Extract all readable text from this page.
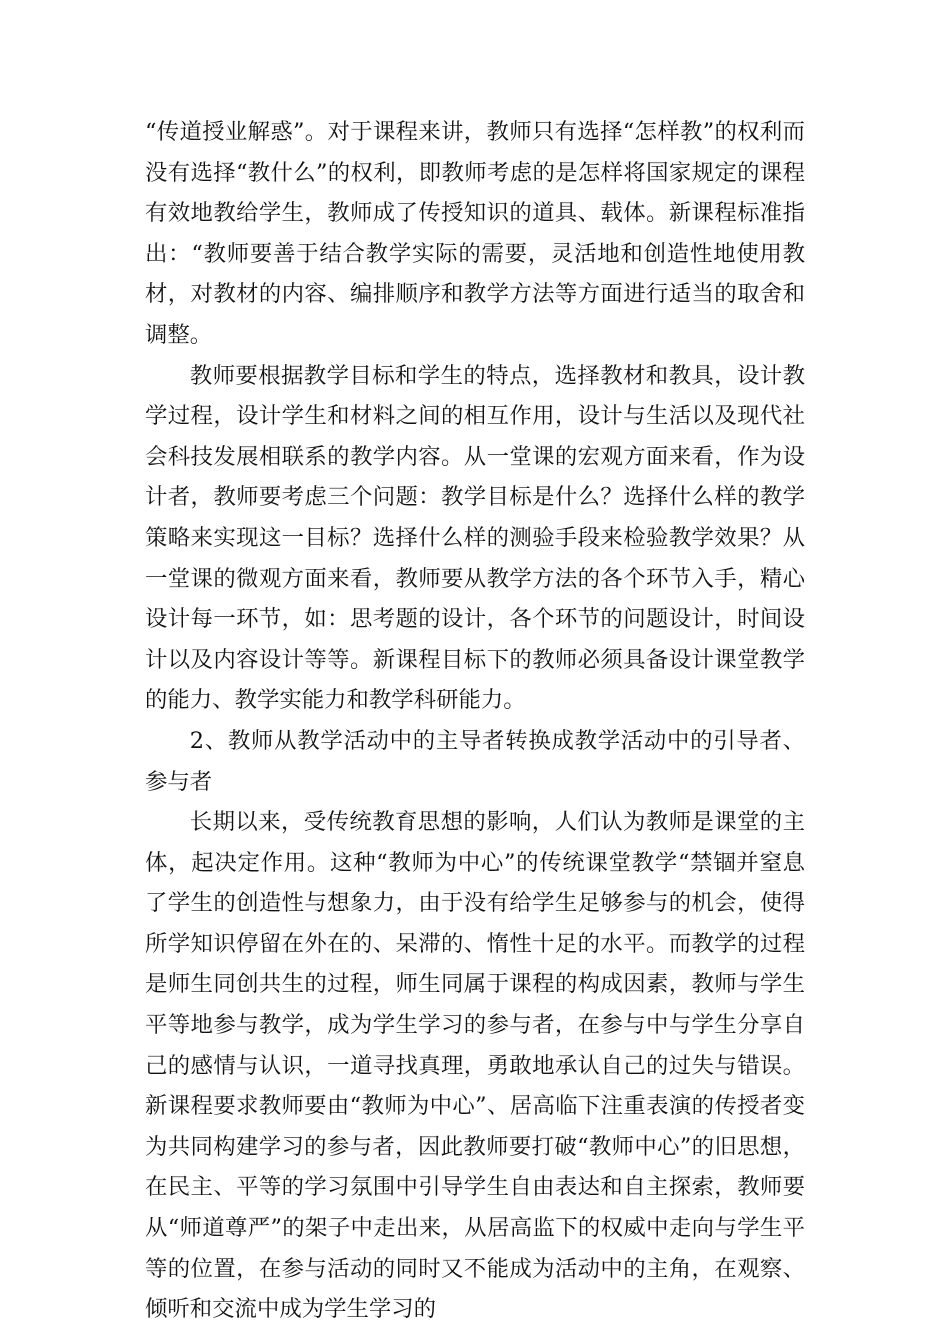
“传道授业解惑”。对于课程来讲，教师只有选择“怎样教”的权利而没有选择“教什么”的权利，即教师考虑的是怎样将国家规定的课程有效地教给学生，教师成了传授知识的道具、载体。新课程标准指出：“教师要善于结合教学实际的需要，灵活地和创造性地使用教材，对教材的内容、编排顺序和教学方法等方面进行适当的取舍和调整。

教师要根据教学目标和学生的特点，选择教材和教具，设计教学过程，设计学生和材料之间的相互作用，设计与生活以及现代社会科技发展相联系的教学内容。从一堂课的宏观方面来看，作为设计者，教师要考虑三个问题：教学目标是什么？选择什么样的教学策略来实现这一目标？选择什么样的测验手段来检验教学效果？从一堂课的微观方面来看，教师要从教学方法的各个环节入手，精心设计每一环节，如：思考题的设计，各个环节的问题设计，时间设计以及内容设计等等。新课程目标下的教师必须具备设计课堂教学的能力、教学实能力和教学科研能力。

2、教师从教学活动中的主导者转换成教学活动中的引导者、参与者

长期以来，受传统教育思想的影响，人们认为教师是课堂的主体，起决定作用。这种“教师为中心”的传统课堂教学“禁锢并窒息了学生的创造性与想象力，由于没有给学生足够参与的机会，使得所学知识停留在外在的、呆滞的、惰性十足的水平。而教学的过程是师生同创共生的过程，师生同属于课程的构成因素，教师与学生平等地参与教学，成为学生学习的参与者，在参与中与学生分享自己的感情与认识，一道寻找真理，勇敢地承认自己的过失与错误。新课程要求教师要由“教师为中心”、居高临下注重表演的传授者变为共同构建学习的参与者，因此教师要打破“教师中心”的旧思想，在民主、平等的学习氛围中引导学生自由表达和自主探索，教师要从“师道尊严”的架子中走出来，从居高监下的权威中走向与学生平等的位置，在参与活动的同时又不能成为活动中的主角，在观察、倾听和交流中成为学生学习的
